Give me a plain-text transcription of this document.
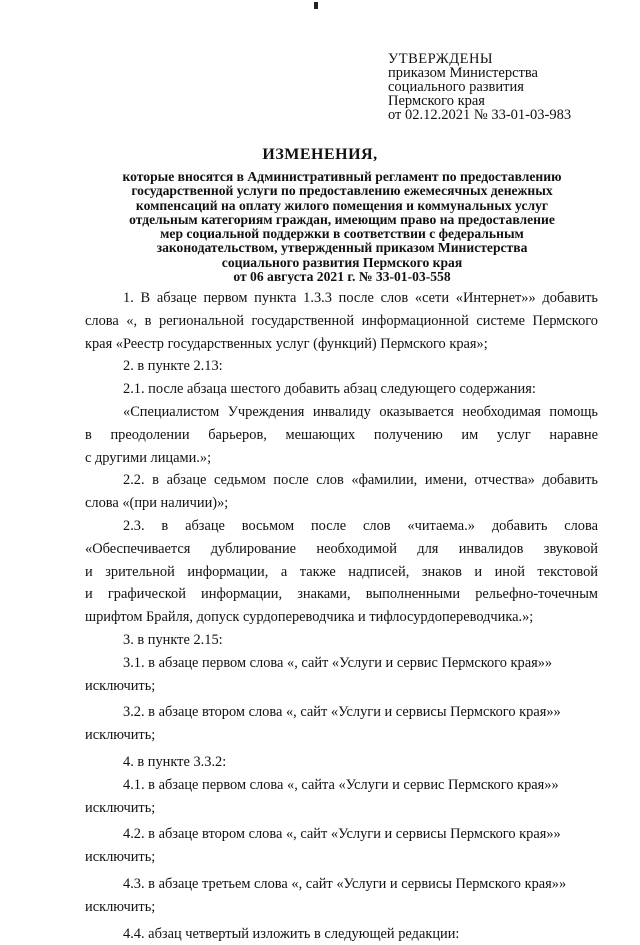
УТВЕРЖДЕНЫ
приказом Министерства
социального развития
Пермского края
от 02.12.2021 № 33-01-03-983
ИЗМЕНЕНИЯ,
которые вносятся в Административный регламент по предоставлению
государственной услуги по предоставлению ежемесячных денежных
компенсаций на оплату жилого помещения и коммунальных услуг
отдельным категориям граждан, имеющим право на предоставление
мер социальной поддержки в соответствии с федеральным
законодательством, утвержденный приказом Министерства
социального развития Пермского края
от 06 августа 2021 г. № 33-01-03-558

1. В абзаце первом пункта 1.3.3 после слов «сети «Интернет»» добавить

слова «, в региональной государственной информационной системе Пермского

края «Реестр государственных услуг (функций) Пермского края»;

2. в пункте 2.13:

2.1. после абзаца шестого добавить абзац следующего содержания:

«Специалистом Учреждения инвалиду оказывается необходимая помощь

в преодолении барьеров, мешающих получению им услуг наравне

с другими лицами.»;

2.2. в абзаце седьмом после слов «фамилии, имени, отчества» добавить

слова «(при наличии)»;

2.3. в абзаце восьмом после слов «читаема.» добавить слова

«Обеспечивается дублирование необходимой для инвалидов звуковой

и зрительной информации, а также надписей, знаков и иной текстовой

и графической информации, знаками, выполненными рельефно-точечным

шрифтом Брайля, допуск сурдопереводчика и тифлосурдопереводчика.»;

3. в пункте 2.15:

3.1. в абзаце первом слова «, сайт «Услуги и сервис Пермского края»»

исключить;

3.2. в абзаце втором слова «, сайт «Услуги и сервисы Пермского края»»

исключить;

4. в пункте 3.3.2:

4.1. в абзаце первом слова «, сайта «Услуги и сервис Пермского края»»

исключить;

4.2. в абзаце втором слова «, сайт «Услуги и сервисы Пермского края»»

исключить;

4.3. в абзаце третьем слова «, сайт «Услуги и сервисы Пермского края»»

исключить;

4.4. абзац четвертый изложить в следующей редакции:
